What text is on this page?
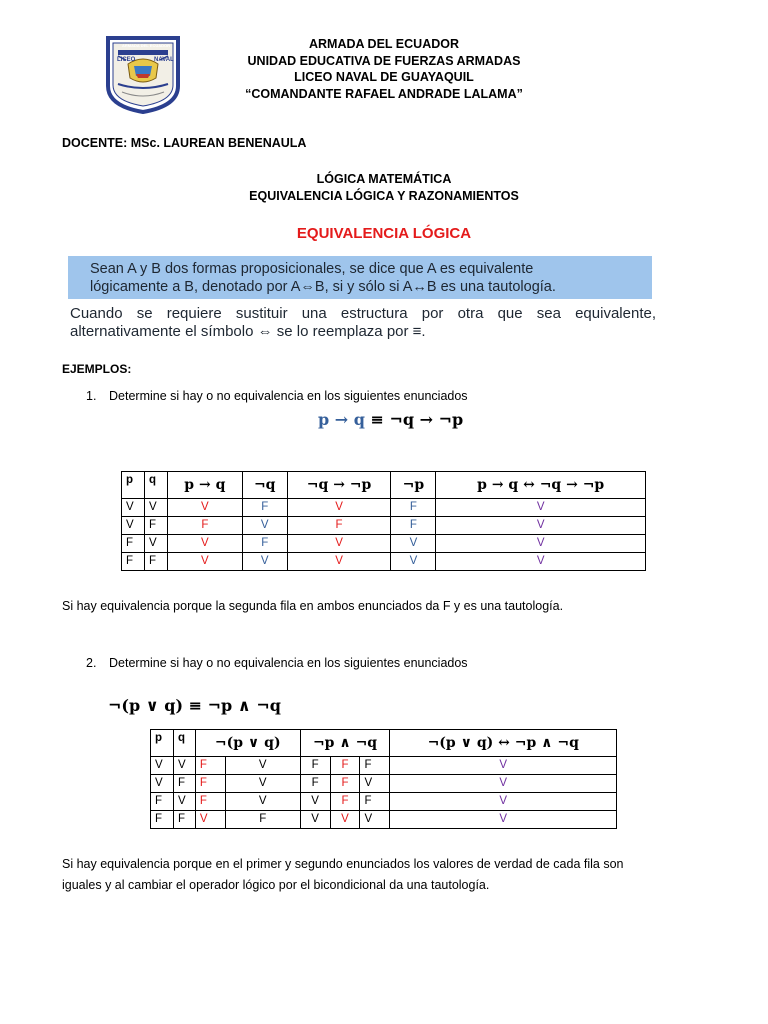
ARMADA DEL ECUADOR
LICEO	NAVAL
ARMADA DEL ECUADOR
UNIDAD EDUCATIVA DE FUERZAS ARMADAS
LICEO NAVAL DE GUAYAQUIL
“COMANDANTE RAFAEL ANDRADE LALAMA”
DOCENTE: MSc. LAUREAN BENENAULA
LÓGICA MATEMÁTICA
EQUIVALENCIA LÓGICA Y RAZONAMIENTOS
EQUIVALENCIA LÓGICA
Sean A y B dos formas proposicionales, se dice que A es equivalente
lógicamente a B, denotado por A⇔B, si y sólo si A↔B es una tautología.
Cuando se requiere sustituir una estructura por otra que sea equivalente, alternativamente el símbolo ⇔ se lo reemplaza por ≡.
EJEMPLOS:
1. Determine si hay o no equivalencia en los siguientes enunciados
p → q ≡ ¬q → ¬p
p	q	p → q	¬q	¬q → ¬p	¬p	p → q ↔ ¬q → ¬p
V	V	V	F	V	F	V
V	F	F	V	F	F	V
F	V	V	F	V	V	V
F	F	V	V	V	V	V
Si hay equivalencia porque la segunda fila en ambos enunciados da F y es una tautología.
2. Determine si hay o no equivalencia en los siguientes enunciados
¬(p ∨ q) ≡ ¬p ∧ ¬q
p	q	¬(p ∨ q)		¬p ∧ ¬q			¬(p ∨ q) ↔ ¬p ∧ ¬q
V	V	F	V	F	F	F	V
V	F	F	V	F	F	V	V
F	V	F	V	V	F	F	V
F	F	V	F	V	V	V	V
Si hay equivalencia porque en el primer y segundo enunciados los valores de verdad de cada fila son
iguales y al cambiar el operador lógico por el bicondicional da una tautología.
